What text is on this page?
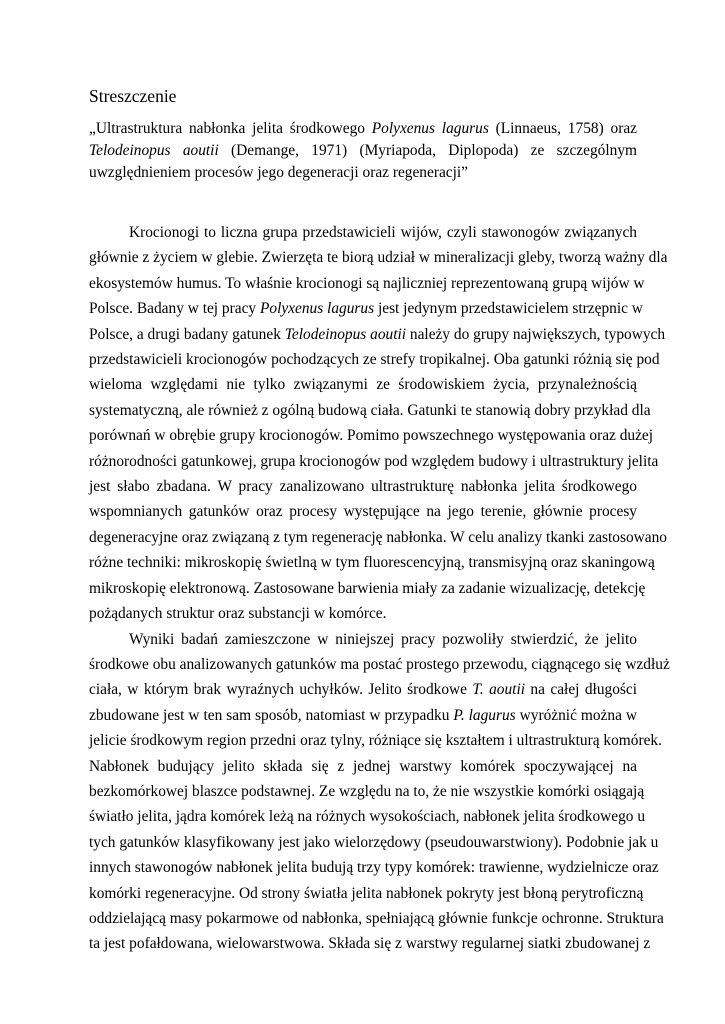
Streszczenie
„Ultrastruktura nabłonka jelita środkowego Polyxenus lagurus (Linnaeus, 1758) oraz
Telodeinopus aoutii (Demange, 1971) (Myriapoda, Diplopoda) ze szczególnym
uwzględnieniem procesów jego degeneracji oraz regeneracji”
Krocionogi to liczna grupa przedstawicieli wijów, czyli stawonogów związanych
głównie z życiem w glebie. Zwierzęta te biorą udział w mineralizacji gleby, tworzą ważny dla
ekosystemów humus. To właśnie krocionogi są najliczniej reprezentowaną grupą wijów w
Polsce. Badany w tej pracy Polyxenus lagurus jest jedynym przedstawicielem strzępnic w
Polsce, a drugi badany gatunek Telodeinopus aoutii należy do grupy największych, typowych
przedstawicieli krocionogów pochodzących ze strefy tropikalnej. Oba gatunki różnią się pod
wieloma względami nie tylko związanymi ze środowiskiem życia, przynależnością
systematyczną, ale również z ogólną budową ciała. Gatunki te stanowią dobry przykład dla
porównań w obrębie grupy krocionogów. Pomimo powszechnego występowania oraz dużej
różnorodności gatunkowej, grupa krocionogów pod względem budowy i ultrastruktury jelita
jest słabo zbadana. W pracy zanalizowano ultrastrukturę nabłonka jelita środkowego
wspomnianych gatunków oraz procesy występujące na jego terenie, głównie procesy
degeneracyjne oraz związaną z tym regenerację nabłonka. W celu analizy tkanki zastosowano
różne techniki: mikroskopię świetlną w tym fluorescencyjną, transmisyjną oraz skaningową
mikroskopię elektronową. Zastosowane barwienia miały za zadanie wizualizację, detekcję
pożądanych struktur oraz substancji w komórce.
Wyniki badań zamieszczone w niniejszej pracy pozwoliły stwierdzić, że jelito
środkowe obu analizowanych gatunków ma postać prostego przewodu, ciągnącego się wzdłuż
ciała, w którym brak wyraźnych uchyłków. Jelito środkowe T. aoutii na całej długości
zbudowane jest w ten sam sposób, natomiast w przypadku P. lagurus wyróżnić można w
jelicie środkowym region przedni oraz tylny, różniące się kształtem i ultrastrukturą komórek.
Nabłonek budujący jelito składa się z jednej warstwy komórek spoczywającej na
bezkomórkowej blaszce podstawnej. Ze względu na to, że nie wszystkie komórki osiągają
światło jelita, jądra komórek leżą na różnych wysokościach, nabłonek jelita środkowego u
tych gatunków klasyfikowany jest jako wielorzędowy (pseudouwarstwiony). Podobnie jak u
innych stawonogów nabłonek jelita budują trzy typy komórek: trawienne, wydzielnicze oraz
komórki regeneracyjne. Od strony światła jelita nabłonek pokryty jest błoną perytroficzną
oddzielającą masy pokarmowe od nabłonka, spełniającą głównie funkcje ochronne. Struktura
ta jest pofałdowana, wielowarstwowa. Składa się z warstwy regularnej siatki zbudowanej z
